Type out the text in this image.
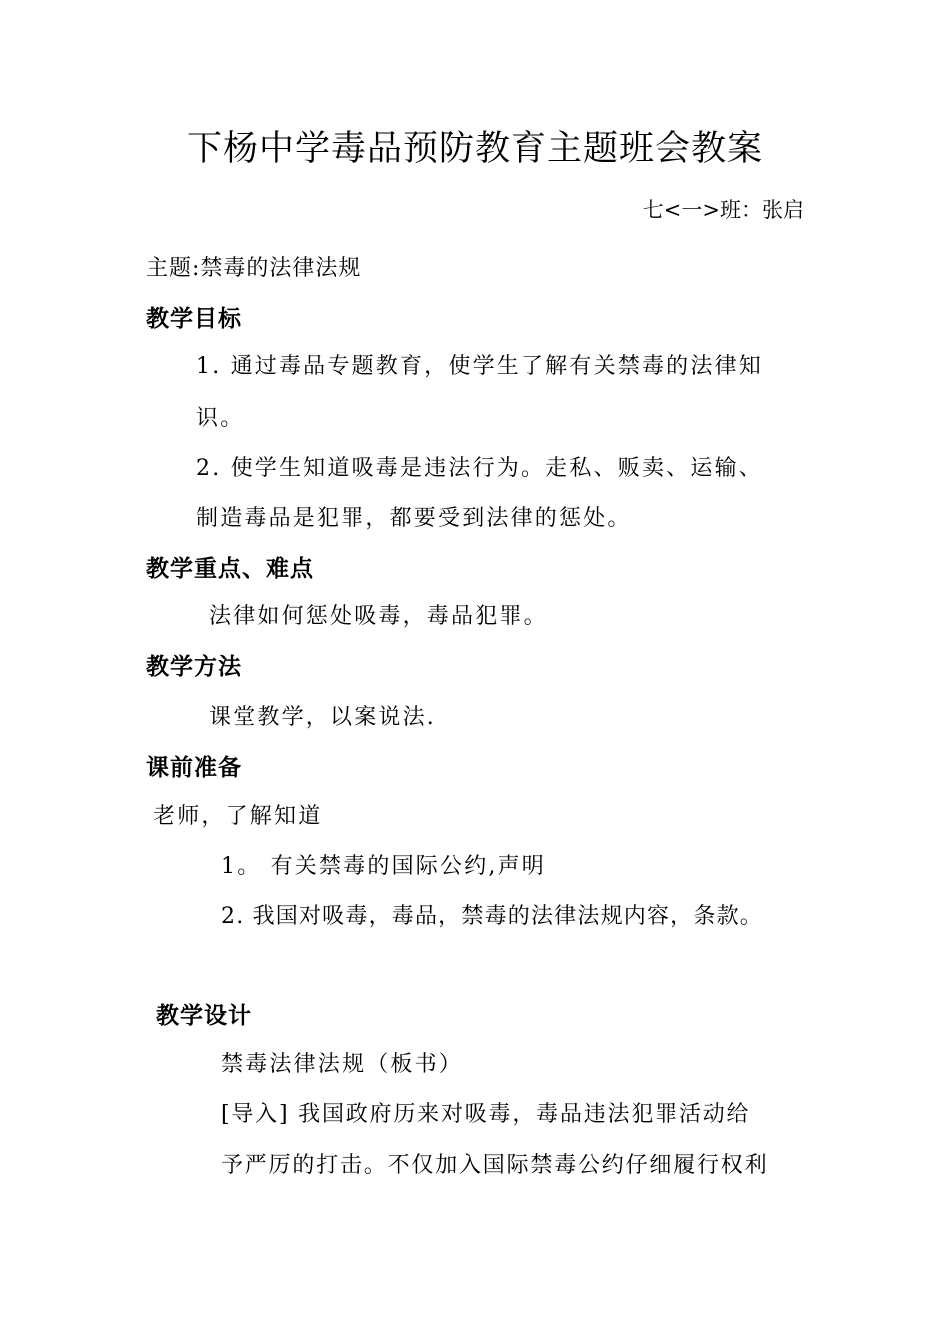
下杨中学毒品预防教育主题班会教案
七<一>班：张启
主题:禁毒的法律法规
教学目标
1. 通过毒品专题教育，使学生了解有关禁毒的法律知
识。
2. 使学生知道吸毒是违法行为。走私、贩卖、运输、
制造毒品是犯罪，都要受到法律的惩处。
教学重点、难点
法律如何惩处吸毒，毒品犯罪。
教学方法
课堂教学，以案说法.
课前准备
老师，了解知道
1。 有关禁毒的国际公约,声明
2. 我国对吸毒，毒品，禁毒的法律法规内容，条款。
教学设计
禁毒法律法规（板书）
[导入] 我国政府历来对吸毒，毒品违法犯罪活动给
予严厉的打击。不仅加入国际禁毒公约仔细履行权利
